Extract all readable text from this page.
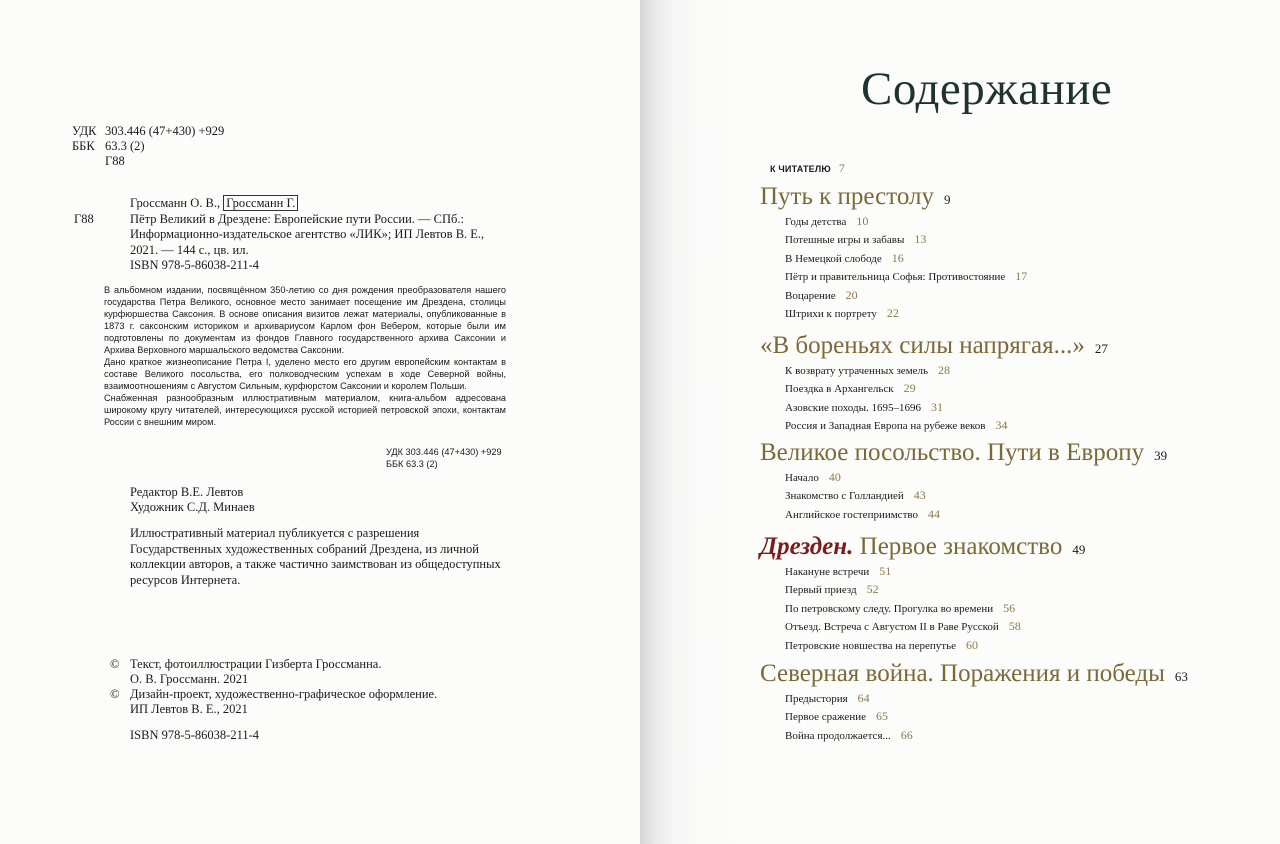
УДК 303.446 (47+430) +929
ББК 63.3 (2)
Г88
Гроссманн О. В., Гроссманн Г.
Г88	Пётр Великий в Дрездене: Европейские пути России. — СПб.: Информационно-издательское агентство «ЛИК»; ИП Левтов В. Е., 2021. — 144 с., цв. ил.
ISBN 978-5-86038-211-4

В альбомном издании, посвящённом 350-летию со дня рождения преобразователя нашего государства Петра Великого, основное место занимает посещение им Дрездена, столицы курфюршества Саксония. В основе описания визитов лежат материалы, опубликованные в 1873 г. саксонским историком и архивариусом Карлом фон Вебером, которые были им подготовлены по документам из фондов Главного государственного архива Саксонии и Архива Верховного маршальского ведомства Саксонии.

Дано краткое жизнеописание Петра I, уделено место его другим европейским контактам в составе Великого посольства, его полководческим успехам в ходе Северной войны, взаимоотношениям с Августом Сильным, курфюрстом Саксонии и королем Польши.

Снабженная разнообразным иллюстративным материалом, книга-альбом адресована широкому кругу читателей, интересующихся русской историей петровской эпохи, контактам России с внешним миром.

УДК 303.446 (47+430) +929
ББК 63.3 (2)
Редактор В.Е. Левтов
Художник С.Д. Минаев
Иллюстративный материал публикуется с разрешения Государственных художественных собраний Дрездена, из личной коллекции авторов, а также частично заимствован из общедоступных ресурсов Интернета.
© Текст, фотоиллюстрации Гизберта Гроссманна.
О. В. Гроссманн. 2021
© Дизайн-проект, художественно-графическое оформление.
ИП Левтов В. Е., 2021
ISBN 978-5-86038-211-4
Содержание
К ЧИТАТЕЛЮ 7
Путь к престолу 9
Годы детства 10
Потешные игры и забавы 13
В Немецкой слободе 16
Пётр и правительница Софья: Противостояние 17
Воцарение 20
Штрихи к портрету 22
«В бореньях силы напрягая...» 27
К возврату утраченных земель 28
Поездка в Архангельск 29
Азовские походы. 1695–1696 31
Россия и Западная Европа на рубеже веков 34
Великое посольство. Пути в Европу 39
Начало 40
Знакомство с Голландией 43
Английское гостеприимство 44
Дрезден. Первое знакомство 49
Накануне встречи 51
Первый приезд 52
По петровскому следу. Прогулка во времени 56
Отъезд. Встреча с Августом II в Раве Русской 58
Петровские новшества на перепутье 60
Северная война. Поражения и победы 63
Предыстория 64
Первое сражение 65
Война продолжается... 66
